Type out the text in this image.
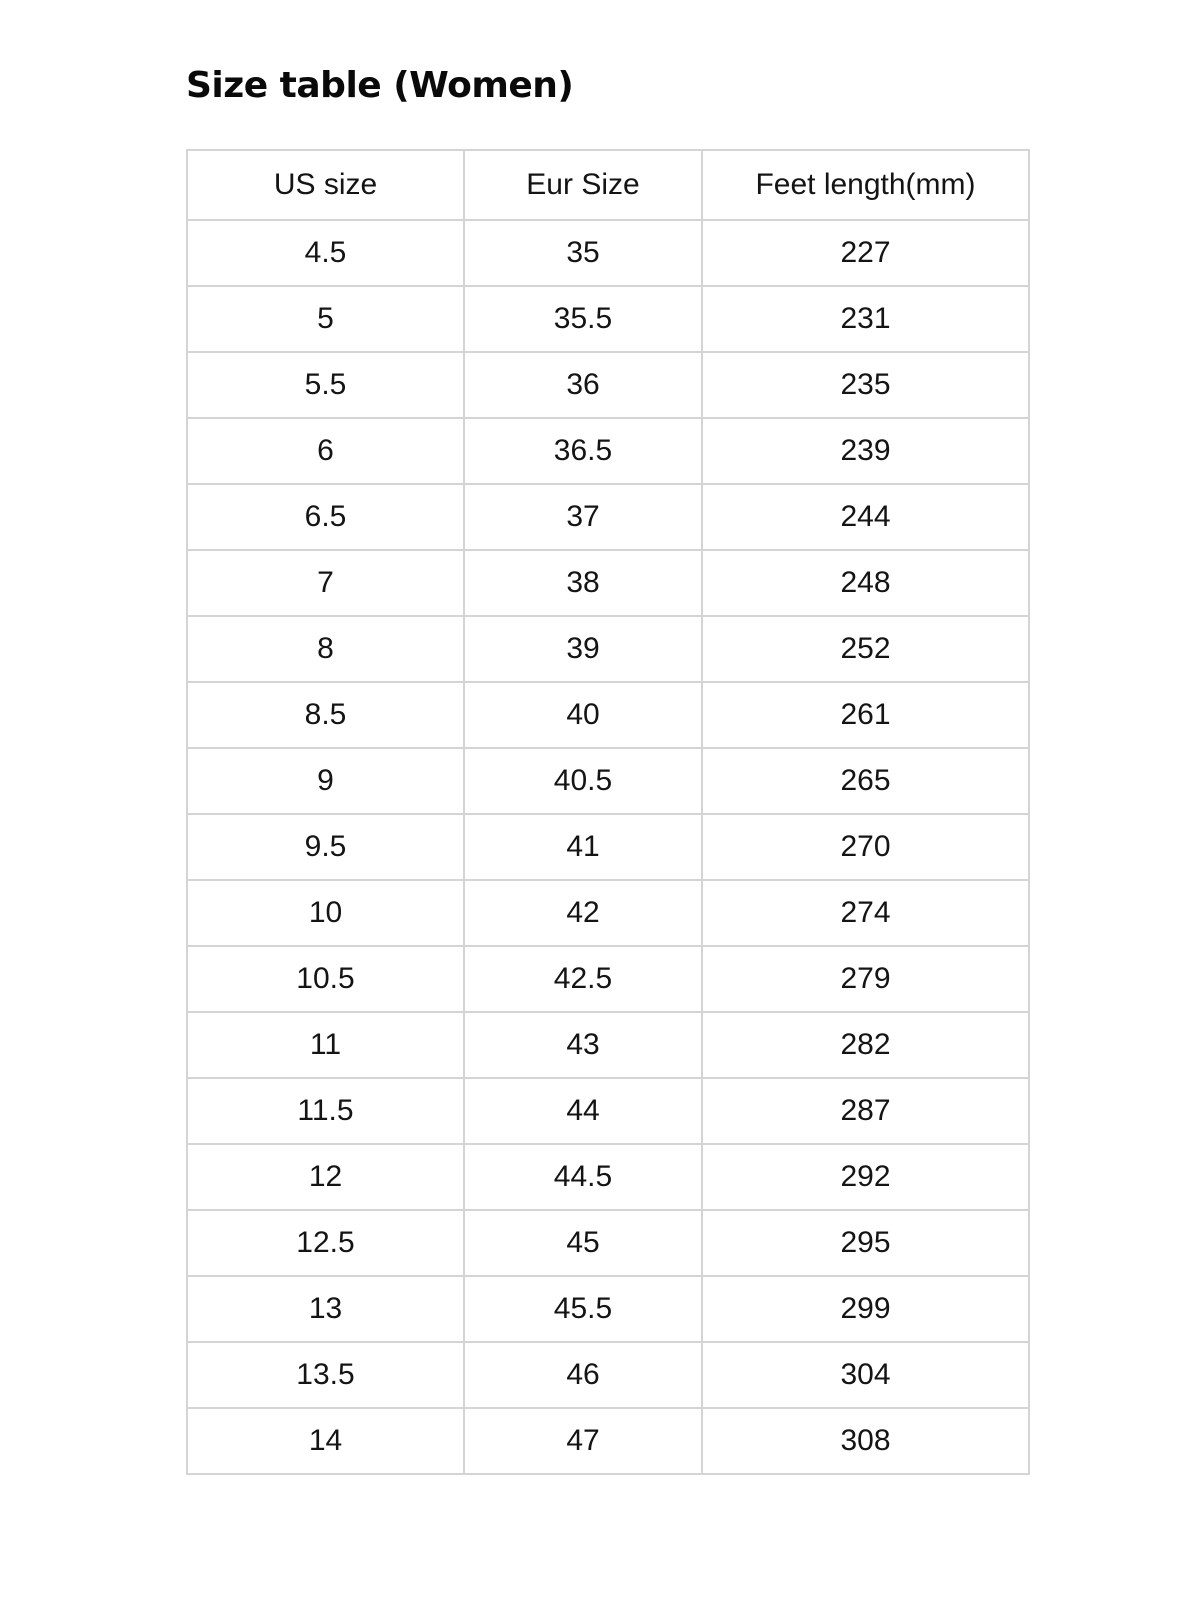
Size table (Women)
US size	Eur Size	Feet length(mm)
4.5	35	227
5	35.5	231
5.5	36	235
6	36.5	239
6.5	37	244
7	38	248
8	39	252
8.5	40	261
9	40.5	265
9.5	41	270
10	42	274
10.5	42.5	279
11	43	282
11.5	44	287
12	44.5	292
12.5	45	295
13	45.5	299
13.5	46	304
14	47	308
